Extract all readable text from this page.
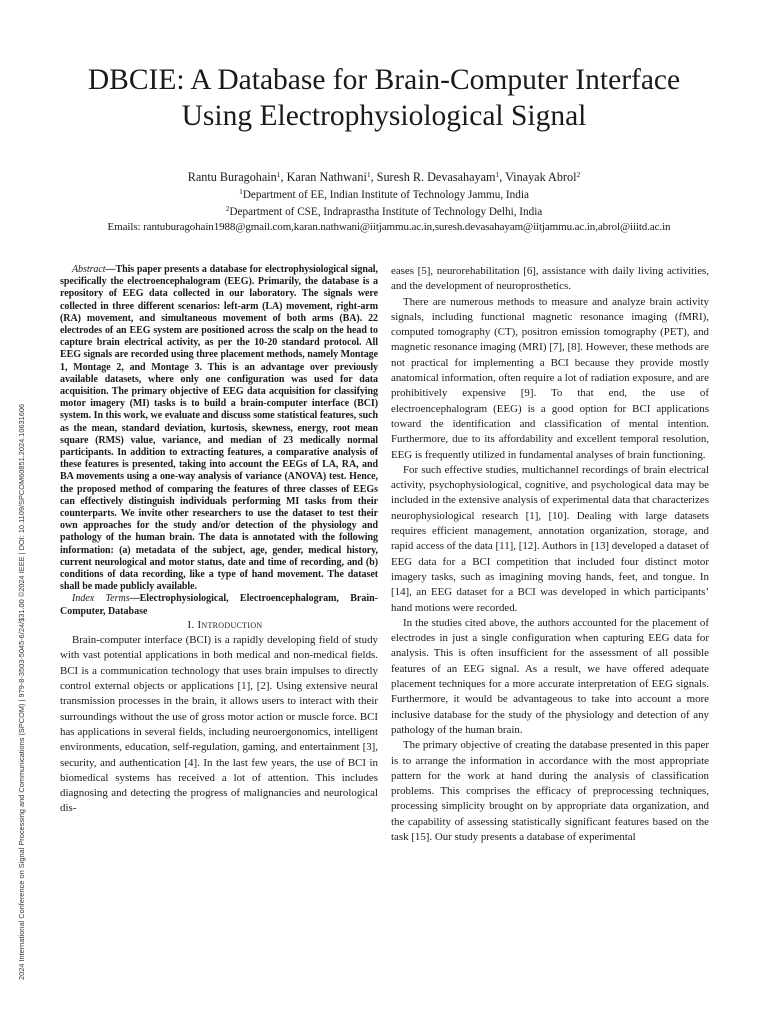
2024 International Conference on Signal Processing and Communications (SPCOM) | 979-8-3503-5045-6/24/$31.00 ©2024 IEEE | DOI: 10.1109/SPCOM60851.2024.10631606
DBCIE: A Database for Brain-Computer Interface
Using Electrophysiological Signal
Rantu Buragohain$^1$, Karan Nathwani$^1$, Suresh R. Devasahayam$^1$, Vinayak Abrol$^2$
$^1$Department of EE, Indian Institute of Technology Jammu, India
$^2$Department of CSE, Indraprastha Institute of Technology Delhi, India
Emails: rantuburagohain1988@gmail.com,karan.nathwani@iitjammu.ac.in,suresh.devasahayam@iitjammu.ac.in,abrol@iiitd.ac.in

Abstract—This paper presents a database for electrophysiological signal, specifically the electroencephalogram (EEG). Primarily, the database is a repository of EEG data collected in our laboratory. The signals were collected in three different scenarios: left-arm (LA) movement, right-arm (RA) movement, and simultaneous movement of both arms (BA). 22 electrodes of an EEG system are positioned across the scalp on the head to capture brain electrical activity, as per the 10-20 standard protocol. All EEG signals are recorded using three placement methods, namely Montage 1, Montage 2, and Montage 3. This is an advantage over previously available datasets, where only one configuration was used for data acquisition. The primary objective of EEG data acquisition for classifying motor imagery (MI) tasks is to build a brain-computer interface (BCI) system. In this work, we evaluate and discuss some statistical features, such as the mean, standard deviation, kurtosis, skewness, energy, root mean square (RMS) value, variance, and median of 23 medically normal participants. In addition to extracting features, a comparative analysis of these features is presented, taking into account the EEGs of LA, RA, and BA movements using a one-way analysis of variance (ANOVA) test. Hence, the proposed method of comparing the features of three classes of EEGs can effectively distinguish individuals performing MI tasks from their counterparts. We invite other researchers to use the dataset to test their own approaches for the study and/or detection of the physiology and pathology of the human brain. The data is annotated with the following information: (a) metadata of the subject, age, gender, medical history, current neurological and motor status, date and time of recording, and (b) conditions of data recording, like a type of hand movement. The dataset shall be made publicly available.

Index Terms—Electrophysiological, Electroencephalogram, Brain-Computer, Database

I. Introduction

Brain-computer interface (BCI) is a rapidly developing field of study with vast potential applications in both medical and non-medical fields. BCI is a communication technology that uses brain impulses to directly control external objects or applications [1], [2]. Using extensive neural transmission processes in the brain, it allows users to interact with their surroundings without the use of gross motor action or muscle force. BCI has applications in several fields, including neuroergonomics, intelligent environments, education, self-regulation, gaming, and entertainment [3], security, and authentication [4]. In the last few years, the use of BCI in biomedical systems has received a lot of attention. This includes diagnosing and detecting the progress of malignancies and neurological dis-

eases [5], neurorehabilitation [6], assistance with daily living activities, and the development of neuroprosthetics.

There are numerous methods to measure and analyze brain activity signals, including functional magnetic resonance imaging (fMRI), computed tomography (CT), positron emission tomography (PET), and magnetic resonance imaging (MRI) [7], [8]. However, these methods are not practical for implementing a BCI because they provide mostly anatomical information, often require a lot of radiation exposure, and are prohibitively expensive [9]. To that end, the use of electroencephalogram (EEG) is a good option for BCI applications toward the identification and classification of mental intention. Furthermore, due to its affordability and excellent temporal resolution, EEG is frequently utilized in fundamental analyses of brain functioning.

For such effective studies, multichannel recordings of brain electrical activity, psychophysiological, cognitive, and psychological data may be included in the extensive analysis of experimental data that characterizes neurophysiological research [1], [10]. Dealing with large datasets requires efficient management, annotation organization, storage, and rapid access of the data [11], [12]. Authors in [13] developed a dataset of EEG data for a BCI competition that included four distinct motor imagery tasks, such as imagining moving hands, feet, and tongue. In [14], an EEG dataset for a BCI was developed in which participants’ hand motions were recorded.

In the studies cited above, the authors accounted for the placement of electrodes in just a single configuration when capturing EEG data for analysis. This is often insufficient for the assessment of all possible features of an EEG signal. As a result, we have offered adequate placement techniques for a more accurate interpretation of EEG signals. Furthermore, it would be advantageous to take into account a more inclusive database for the study of the physiology and detection of any pathology of the human brain.

The primary objective of creating the database presented in this paper is to arrange the information in accordance with the most appropriate pattern for the work at hand during the analysis of classification problems. This comprises the efficacy of preprocessing techniques, processing simplicity brought on by appropriate data organization, and the capability of assessing statistically significant features based on the task [15]. Our study presents a database of experimental
